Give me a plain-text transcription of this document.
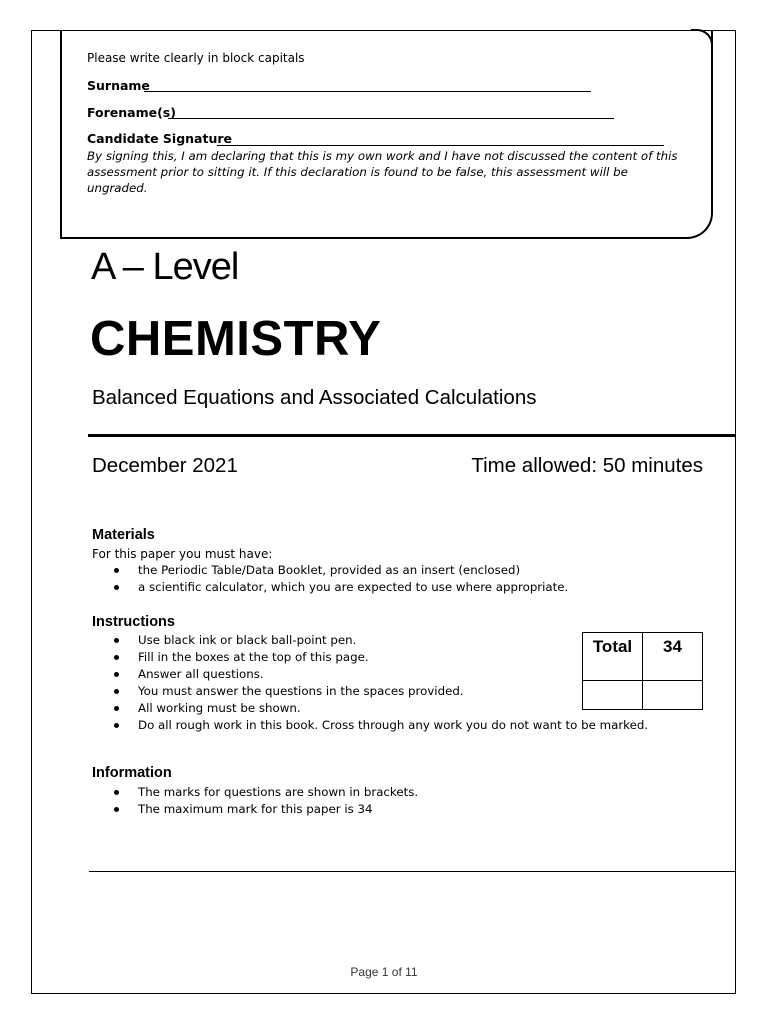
Please write clearly in block capitals
Surname
Forename(s)
Candidate Signature
By signing this, I am declaring that this is my own work and I have not discussed the content of this assessment prior to sitting it. If this declaration is found to be false, this assessment will be ungraded.
A – Level
CHEMISTRY
Balanced Equations and Associated Calculations
December 2021	Time allowed: 50 minutes
Materials
For this paper you must have:
the Periodic Table/Data Booklet, provided as an insert (enclosed)
a scientific calculator, which you are expected to use where appropriate.
Instructions
Use black ink or black ball-point pen.
Fill in the boxes at the top of this page.
Answer all questions.
You must answer the questions in the spaces provided.
All working must be shown.
Do all rough work in this book. Cross through any work you do not want to be marked.
Total	34

Information
The marks for questions are shown in brackets.
The maximum mark for this paper is 34
Page 1 of 11
